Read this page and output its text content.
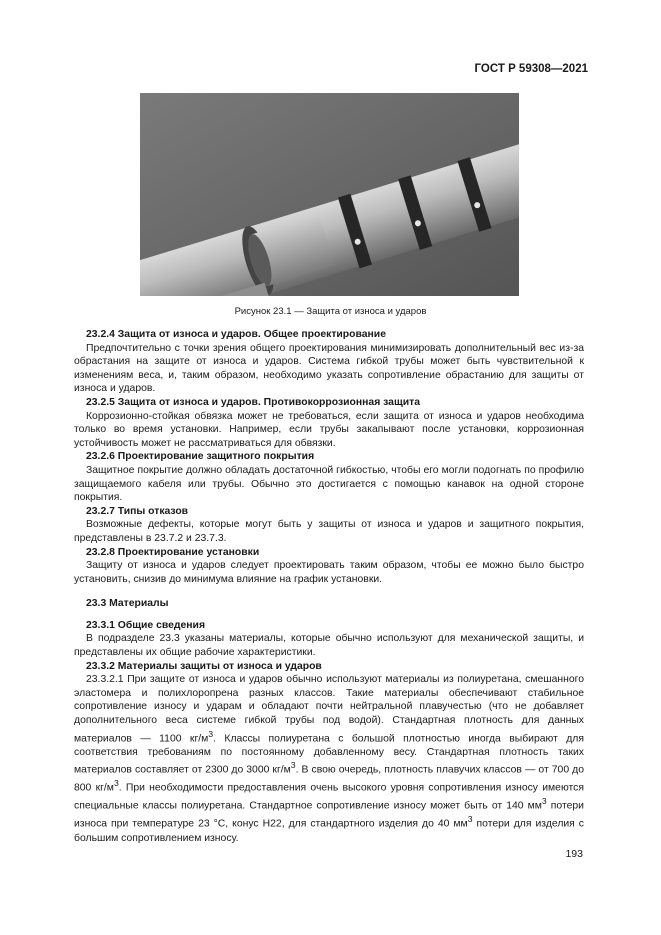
ГОСТ Р 59308—2021
Рисунок 23.1 — Защита от износа и ударов

23.2.4 Защита от износа и ударов. Общее проектирование

Предпочтительно с точки зрения общего проектирования минимизировать дополнительный вес из-за обрастания на защите от износа и ударов. Система гибкой трубы может быть чувствительной к изменениям веса, и, таким образом, необходимо указать сопротивление обрастанию для защиты от износа и ударов.

23.2.5 Защита от износа и ударов. Противокоррозионная защита

Коррозионно-стойкая обвязка может не требоваться, если защита от износа и ударов необходима только во время установки. Например, если трубы закапывают после установки, коррозионная устойчивость может не рассматриваться для обвязки.

23.2.6 Проектирование защитного покрытия

Защитное покрытие должно обладать достаточной гибкостью, чтобы его могли подогнать по профилю защищаемого кабеля или трубы. Обычно это достигается с помощью канавок на одной стороне покрытия.

23.2.7 Типы отказов

Возможные дефекты, которые могут быть у защиты от износа и ударов и защитного покрытия, представлены в 23.7.2 и 23.7.3.

23.2.8 Проектирование установки

Защиту от износа и ударов следует проектировать таким образом, чтобы ее можно было быстро установить, снизив до минимума влияние на график установки.

23.3 Материалы

23.3.1 Общие сведения

В подразделе 23.3 указаны материалы, которые обычно используют для механической защиты, и представлены их общие рабочие характеристики.

23.3.2 Материалы защиты от износа и ударов

23.3.2.1 При защите от износа и ударов обычно используют материалы из полиуретана, смешанного эластомера и полихлоропрена разных классов. Такие материалы обеспечивают стабильное сопротивление износу и ударам и обладают почти нейтральной плавучестью (что не добавляет дополнительного веса системе гибкой трубы под водой). Стандартная плотность для данных материалов — 1100 $кг/м^3$. Классы полиуретана с большой плотностью иногда выбирают для соответствия требованиям по постоянному добавленному весу. Стандартная плотность таких материалов составляет от 2300 до 3000 $кг/м^3$. В свою очередь, плотность плавучих классов — от 700 до 800 $кг/м^3$. При необходимости предоставления очень высокого уровня сопротивления износу имеются специальные классы полиуретана. Стандартное сопротивление износу может быть от 140 $мм^3$ потери износа при температуре 23 °С, конус Н22, для стандартного изделия до 40 $мм^3$ потери для изделия с большим сопротивлением износу.

193
